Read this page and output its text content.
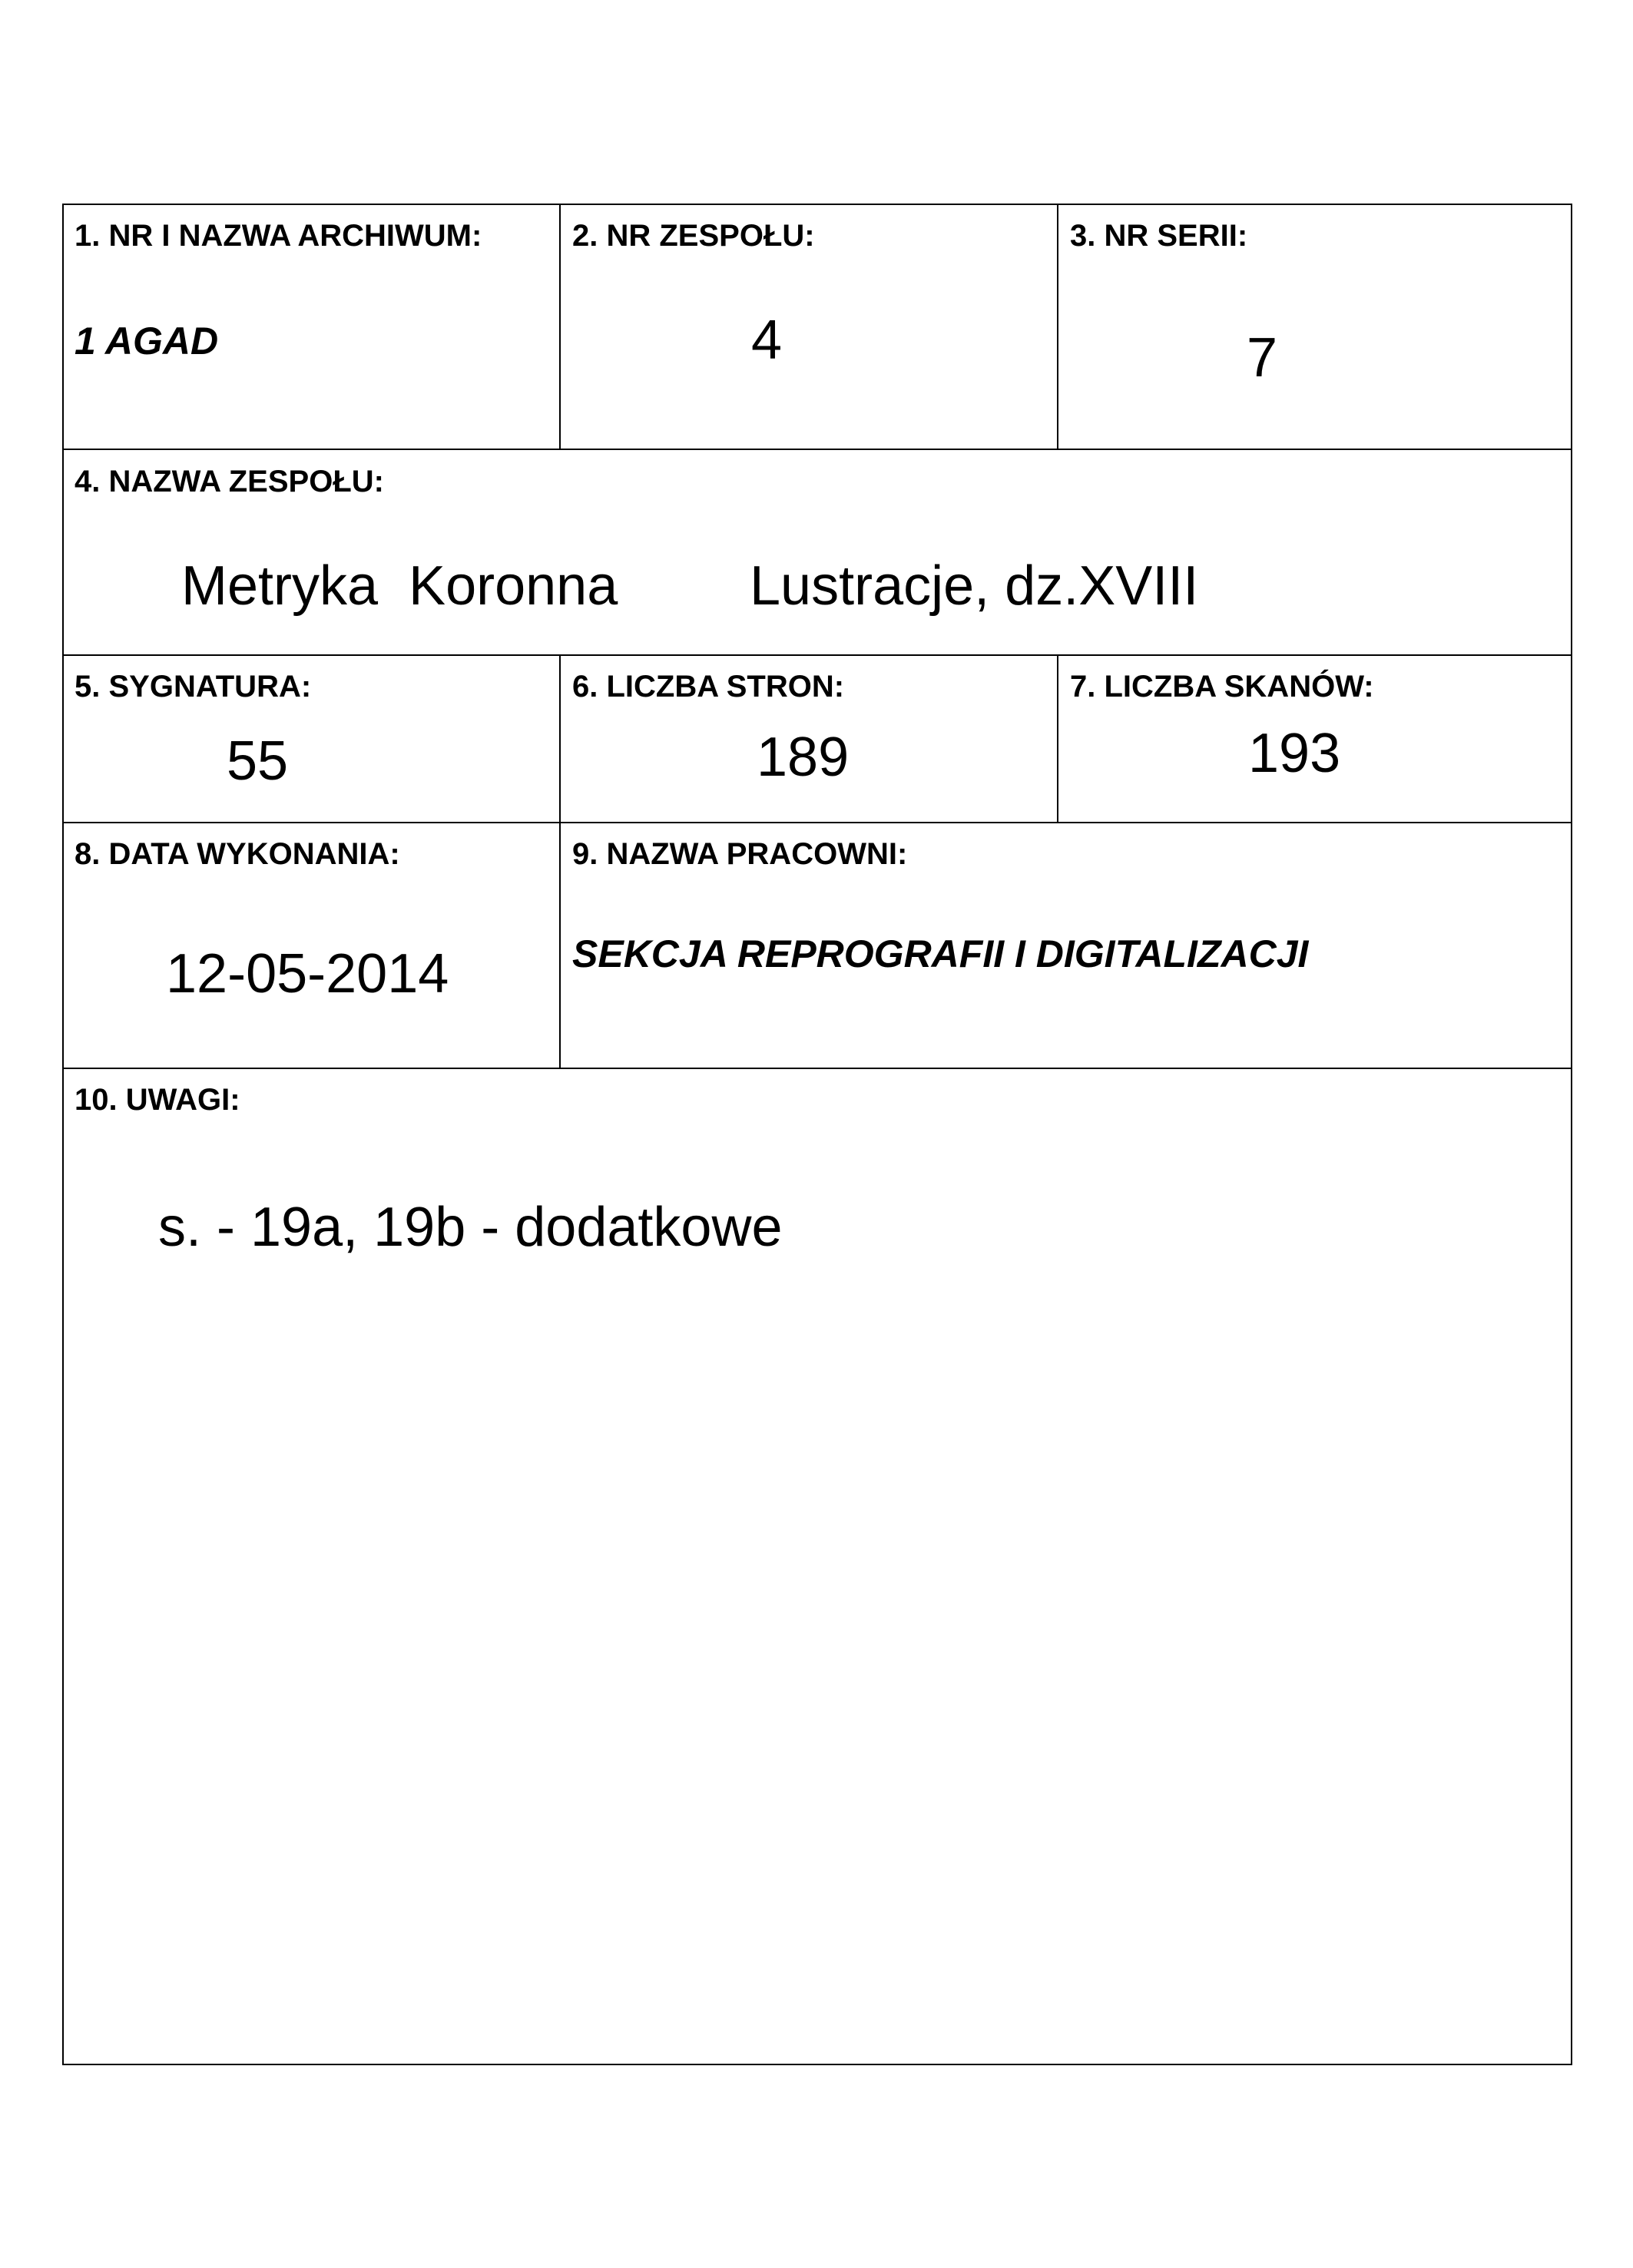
1. NR I NAZWA ARCHIWUM:
1 AGAD
2. NR ZESPOŁU:
4
3. NR SERII:
7
4. NAZWA ZESPOŁU:
Metryka  Koronna Lustracje, dz.XVIII
5. SYGNATURA:
55
6. LICZBA STRON:
189
7. LICZBA SKANÓW:
193
8. DATA WYKONANIA:
12-05-2014
9. NAZWA PRACOWNI:
SEKCJA REPROGRAFII I DIGITALIZACJI
10. UWAGI:
s. - 19a, 19b - dodatkowe
